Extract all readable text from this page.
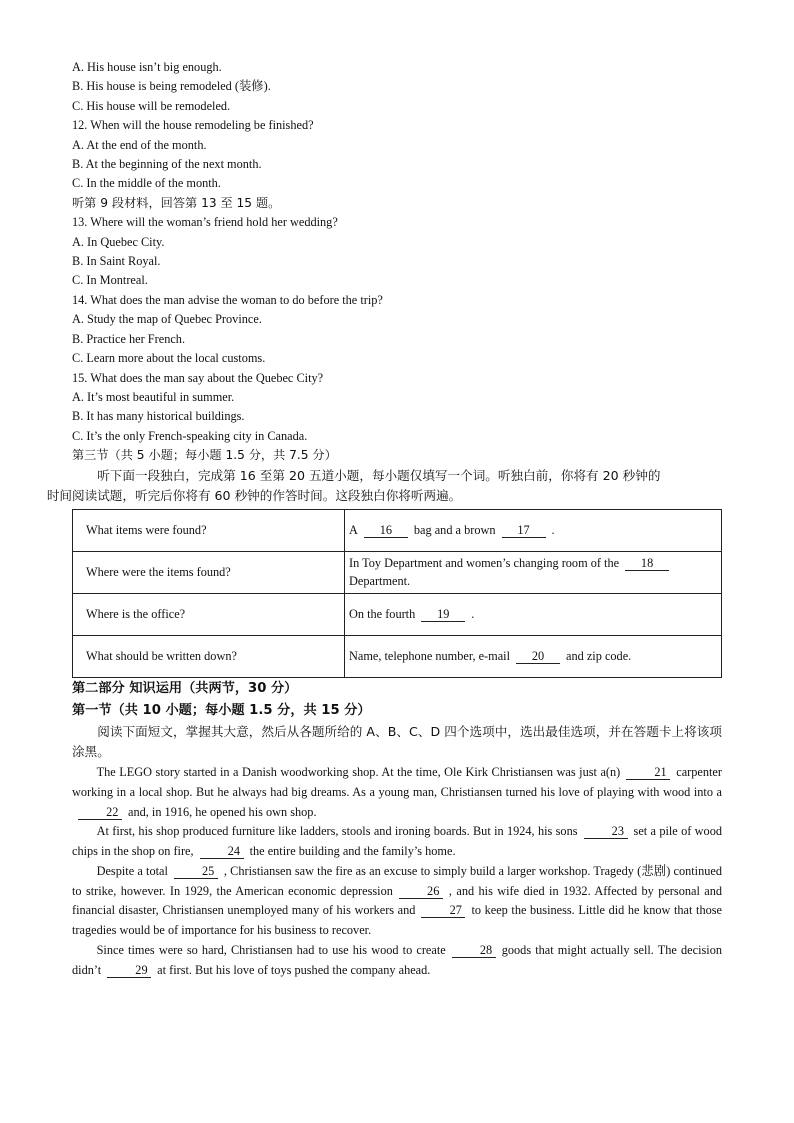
A. His house isn’t big enough.
B. His house is being remodeled (装修).
C. His house will be remodeled.
12. When will the house remodeling be finished?
A. At the end of the month.
B. At the beginning of the next month.
C. In the middle of the month.
听第 9 段材料，回答第 13 至 15 题。
13. Where will the woman’s friend hold her wedding?
A. In Quebec City.
B. In Saint Royal.
C. In Montreal.
14. What does the man advise the woman to do before the trip?
A. Study the map of Quebec Province.
B. Practice her French.
C. Learn more about the local customs.
15. What does the man say about the Quebec City?
A. It’s most beautiful in summer.
B. It has many historical buildings.
C. It’s the only French-speaking city in Canada.
第三节（共 5 小题；每小题 1.5 分，共 7.5 分）
听下面一段独白，完成第 16 至第 20 五道小题，每小题仅填写一个词。听独白前，你将有 20 秒钟的
时间阅读试题，听完后你将有 60 秒钟的作答时间。这段独白你将听两遍。
What items were found?	A 16 bag and a brown 17 .
Where were the items found?	In Toy Department and women’s changing room of the 18
Department.
Where is the office?	On the fourth 19 .
What should be written down?	Name, telephone number, e-mail 20 and zip code.
第二部分 知识运用（共两节，30 分）
第一节（共 10 小题；每小题 1.5 分，共 15 分）
阅读下面短文，掌握其大意，然后从各题所给的 A、B、C、D 四个选项中，选出最佳选项，并在答题卡上将该项涂黑。
The LEGO story started in a Danish woodworking shop. At the time, Ole Kirk Christiansen was just a(n)	21 carpenter working in a local shop. But he always had big dreams. As a young man, Christiansen turned his love of playing with wood into a22 and, in 1916, he opened his own shop.
At first, his shop produced furniture like ladders, stools and ironing boards. But in 1924, his sons	23 set a pile of wood chips in the shop on fire,	24 the entire building and the family’s home.
Despite a total	25 , Christiansen saw the fire as an excuse to simply build a larger workshop. Tragedy (悲剧) continued to strike, however. In 1929, the American economic depression	26 , and his wife died in 1932. Affected by personal and financial disaster, Christiansen unemployed many of his workers and	27 to keep the business. Little did he know that those tragedies would be of importance for his business to recover.
Since times were so hard, Christiansen had to use his wood to create	28 goods that might actually sell. The decision didn’t	29 at first. But his love of toys pushed the company ahead.
